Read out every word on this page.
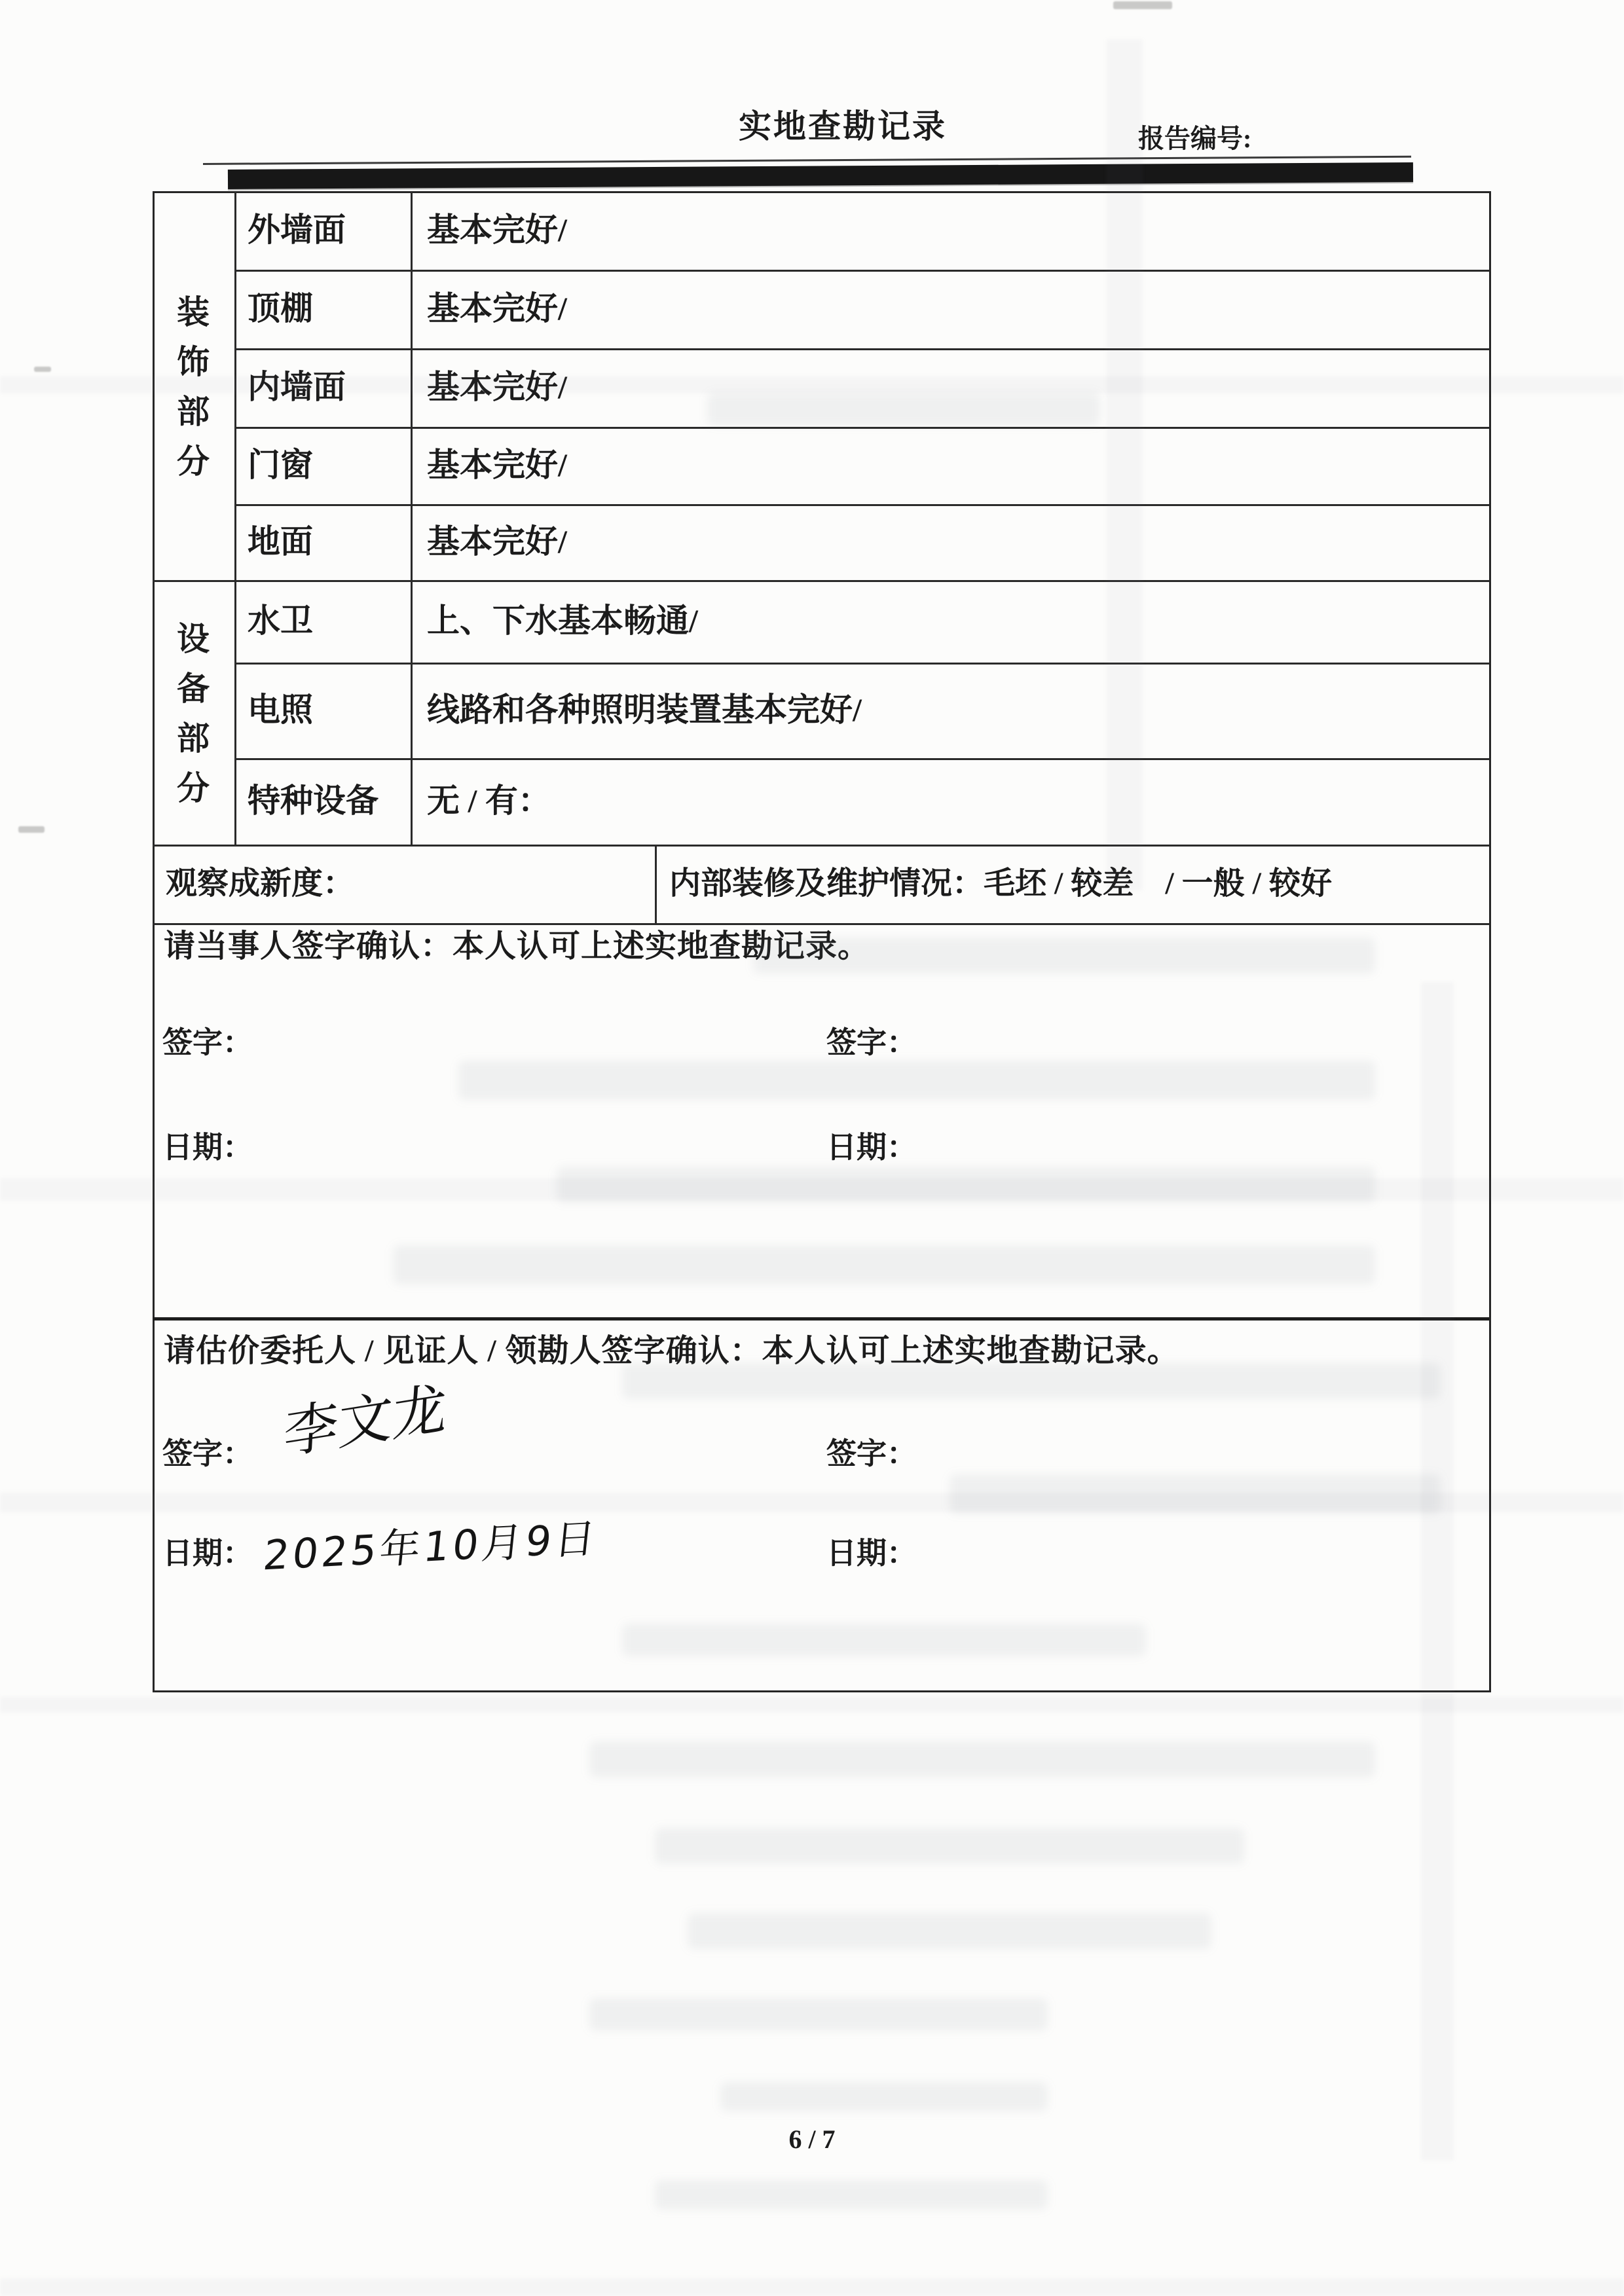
实地查勘记录	报告编号:
装饰部分
设备部分
外墙面 基本完好/
顶棚	基本完好/
内墙面 基本完好/
门窗	基本完好/
地面	基本完好/
水卫	上、下水基本畅通/
电照	线路和各种照明装置基本完好/
特种设备 无 / 有：
观察成新度：	内部装修及维护情况：毛坯 / 较差　/ 一般 / 较好
请当事人签字确认：本人认可上述实地查勘记录。
签字：	签字：
日期：	日期：
请估价委托人 / 见证人 / 领勘人签字确认：本人认可上述实地查勘记录。
签字： 李文龙	签字：
日期： 2025年10月9日	日期：
6 / 7
